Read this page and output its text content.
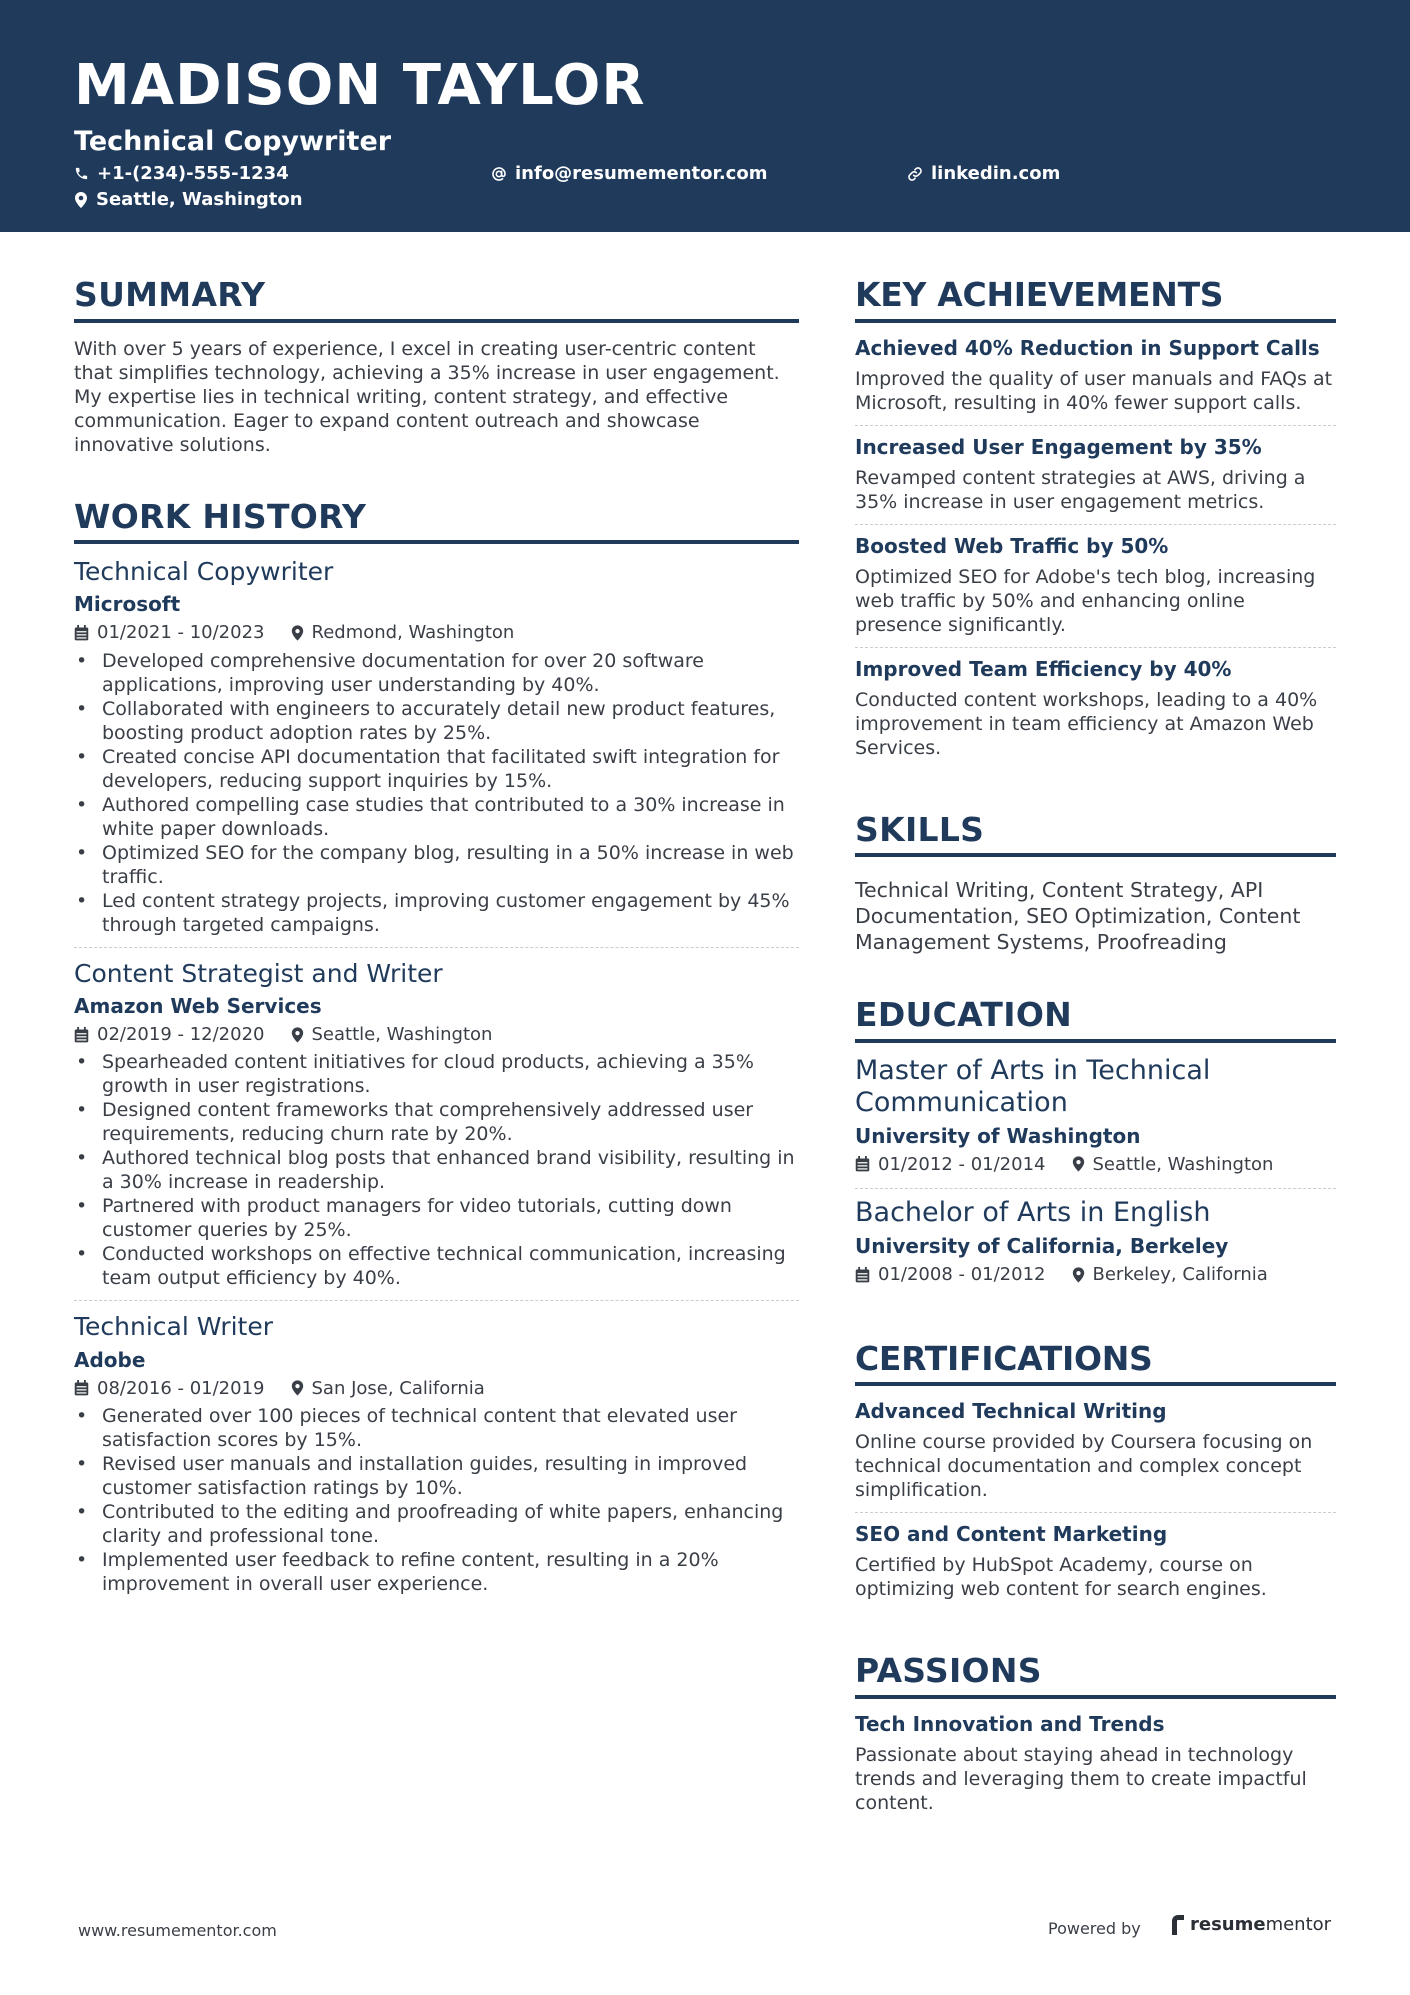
MADISON TAYLOR
Technical Copywriter
+1-(234)-555-1234	info@resumementor.com	linkedin.com
Seattle, Washington
SUMMARY
With over 5 years of experience, I excel in creating user-centric content that simplifies technology, achieving a 35% increase in user engagement. My expertise lies in technical writing, content strategy, and effective communication. Eager to expand content outreach and showcase innovative solutions.
WORK HISTORY
Technical Copywriter
Microsoft
01/2021 - 10/2023	Redmond, Washington
• Developed comprehensive documentation for over 20 software applications, improving user understanding by 40%.
• Collaborated with engineers to accurately detail new product features, boosting product adoption rates by 25%.
• Created concise API documentation that facilitated swift integration for developers, reducing support inquiries by 15%.
• Authored compelling case studies that contributed to a 30% increase in white paper downloads.
• Optimized SEO for the company blog, resulting in a 50% increase in web traffic.
• Led content strategy projects, improving customer engagement by 45% through targeted campaigns.
Content Strategist and Writer
Amazon Web Services
02/2019 - 12/2020	Seattle, Washington
• Spearheaded content initiatives for cloud products, achieving a 35% growth in user registrations.
• Designed content frameworks that comprehensively addressed user requirements, reducing churn rate by 20%.
• Authored technical blog posts that enhanced brand visibility, resulting in a 30% increase in readership.
• Partnered with product managers for video tutorials, cutting down customer queries by 25%.
• Conducted workshops on effective technical communication, increasing team output efficiency by 40%.
Technical Writer
Adobe
08/2016 - 01/2019	San Jose, California
• Generated over 100 pieces of technical content that elevated user satisfaction scores by 15%.
• Revised user manuals and installation guides, resulting in improved customer satisfaction ratings by 10%.
• Contributed to the editing and proofreading of white papers, enhancing clarity and professional tone.
• Implemented user feedback to refine content, resulting in a 20% improvement in overall user experience.
KEY ACHIEVEMENTS
Achieved 40% Reduction in Support Calls
Improved the quality of user manuals and FAQs at Microsoft, resulting in 40% fewer support calls.
Increased User Engagement by 35%
Revamped content strategies at AWS, driving a 35% increase in user engagement metrics.
Boosted Web Traffic by 50%
Optimized SEO for Adobe's tech blog, increasing web traffic by 50% and enhancing online presence significantly.
Improved Team Efficiency by 40%
Conducted content workshops, leading to a 40% improvement in team efficiency at Amazon Web Services.
SKILLS
Technical Writing, Content Strategy, API Documentation, SEO Optimization, Content Management Systems, Proofreading
EDUCATION
Master of Arts in Technical Communication
University of Washington
01/2012 - 01/2014	Seattle, Washington
Bachelor of Arts in English
University of California, Berkeley
01/2008 - 01/2012	Berkeley, California
CERTIFICATIONS
Advanced Technical Writing
Online course provided by Coursera focusing on technical documentation and complex concept simplification.
SEO and Content Marketing
Certified by HubSpot Academy, course on optimizing web content for search engines.
PASSIONS
Tech Innovation and Trends
Passionate about staying ahead in technology trends and leveraging them to create impactful content.
www.resumementor.com	Powered by	resumementor
